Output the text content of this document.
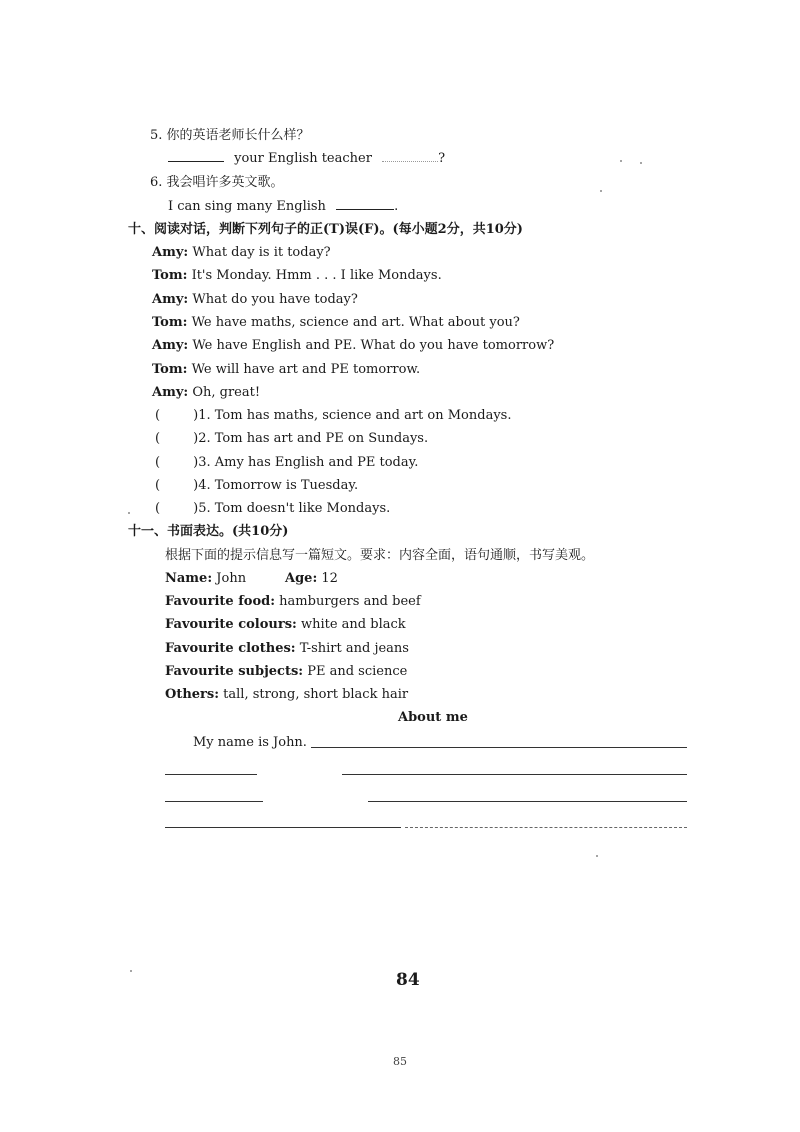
5. 你的英语老师长什么样？
your English teacher	?
6. 我会唱许多英文歌。
I can sing many English	.
十、阅读对话，判断下列句子的正(T)误(F)。(每小题2分，共10分)
Amy: What day is it today?
Tom: It's Monday. Hmm . . . I like Mondays.
Amy: What do you have today?
Tom: We have maths, science and art. What about you?
Amy: We have English and PE. What do you have tomorrow?
Tom: We will have art and PE tomorrow.
Amy: Oh, great!
(        )1. Tom has maths, science and art on Mondays.
(        )2. Tom has art and PE on Sundays.
(        )3. Amy has English and PE today.
(        )4. Tomorrow is Tuesday.
(        )5. Tom doesn't like Mondays.
十一、书面表达。(共10分)
根据下面的提示信息写一篇短文。要求：内容全面，语句通顺，书写美观。
Name: John	Age: 12
Favourite food: hamburgers and beef
Favourite colours: white and black
Favourite clothes: T-shirt and jeans
Favourite subjects: PE and science
Others: tall, strong, short black hair
About me
My name is John.
84
85
